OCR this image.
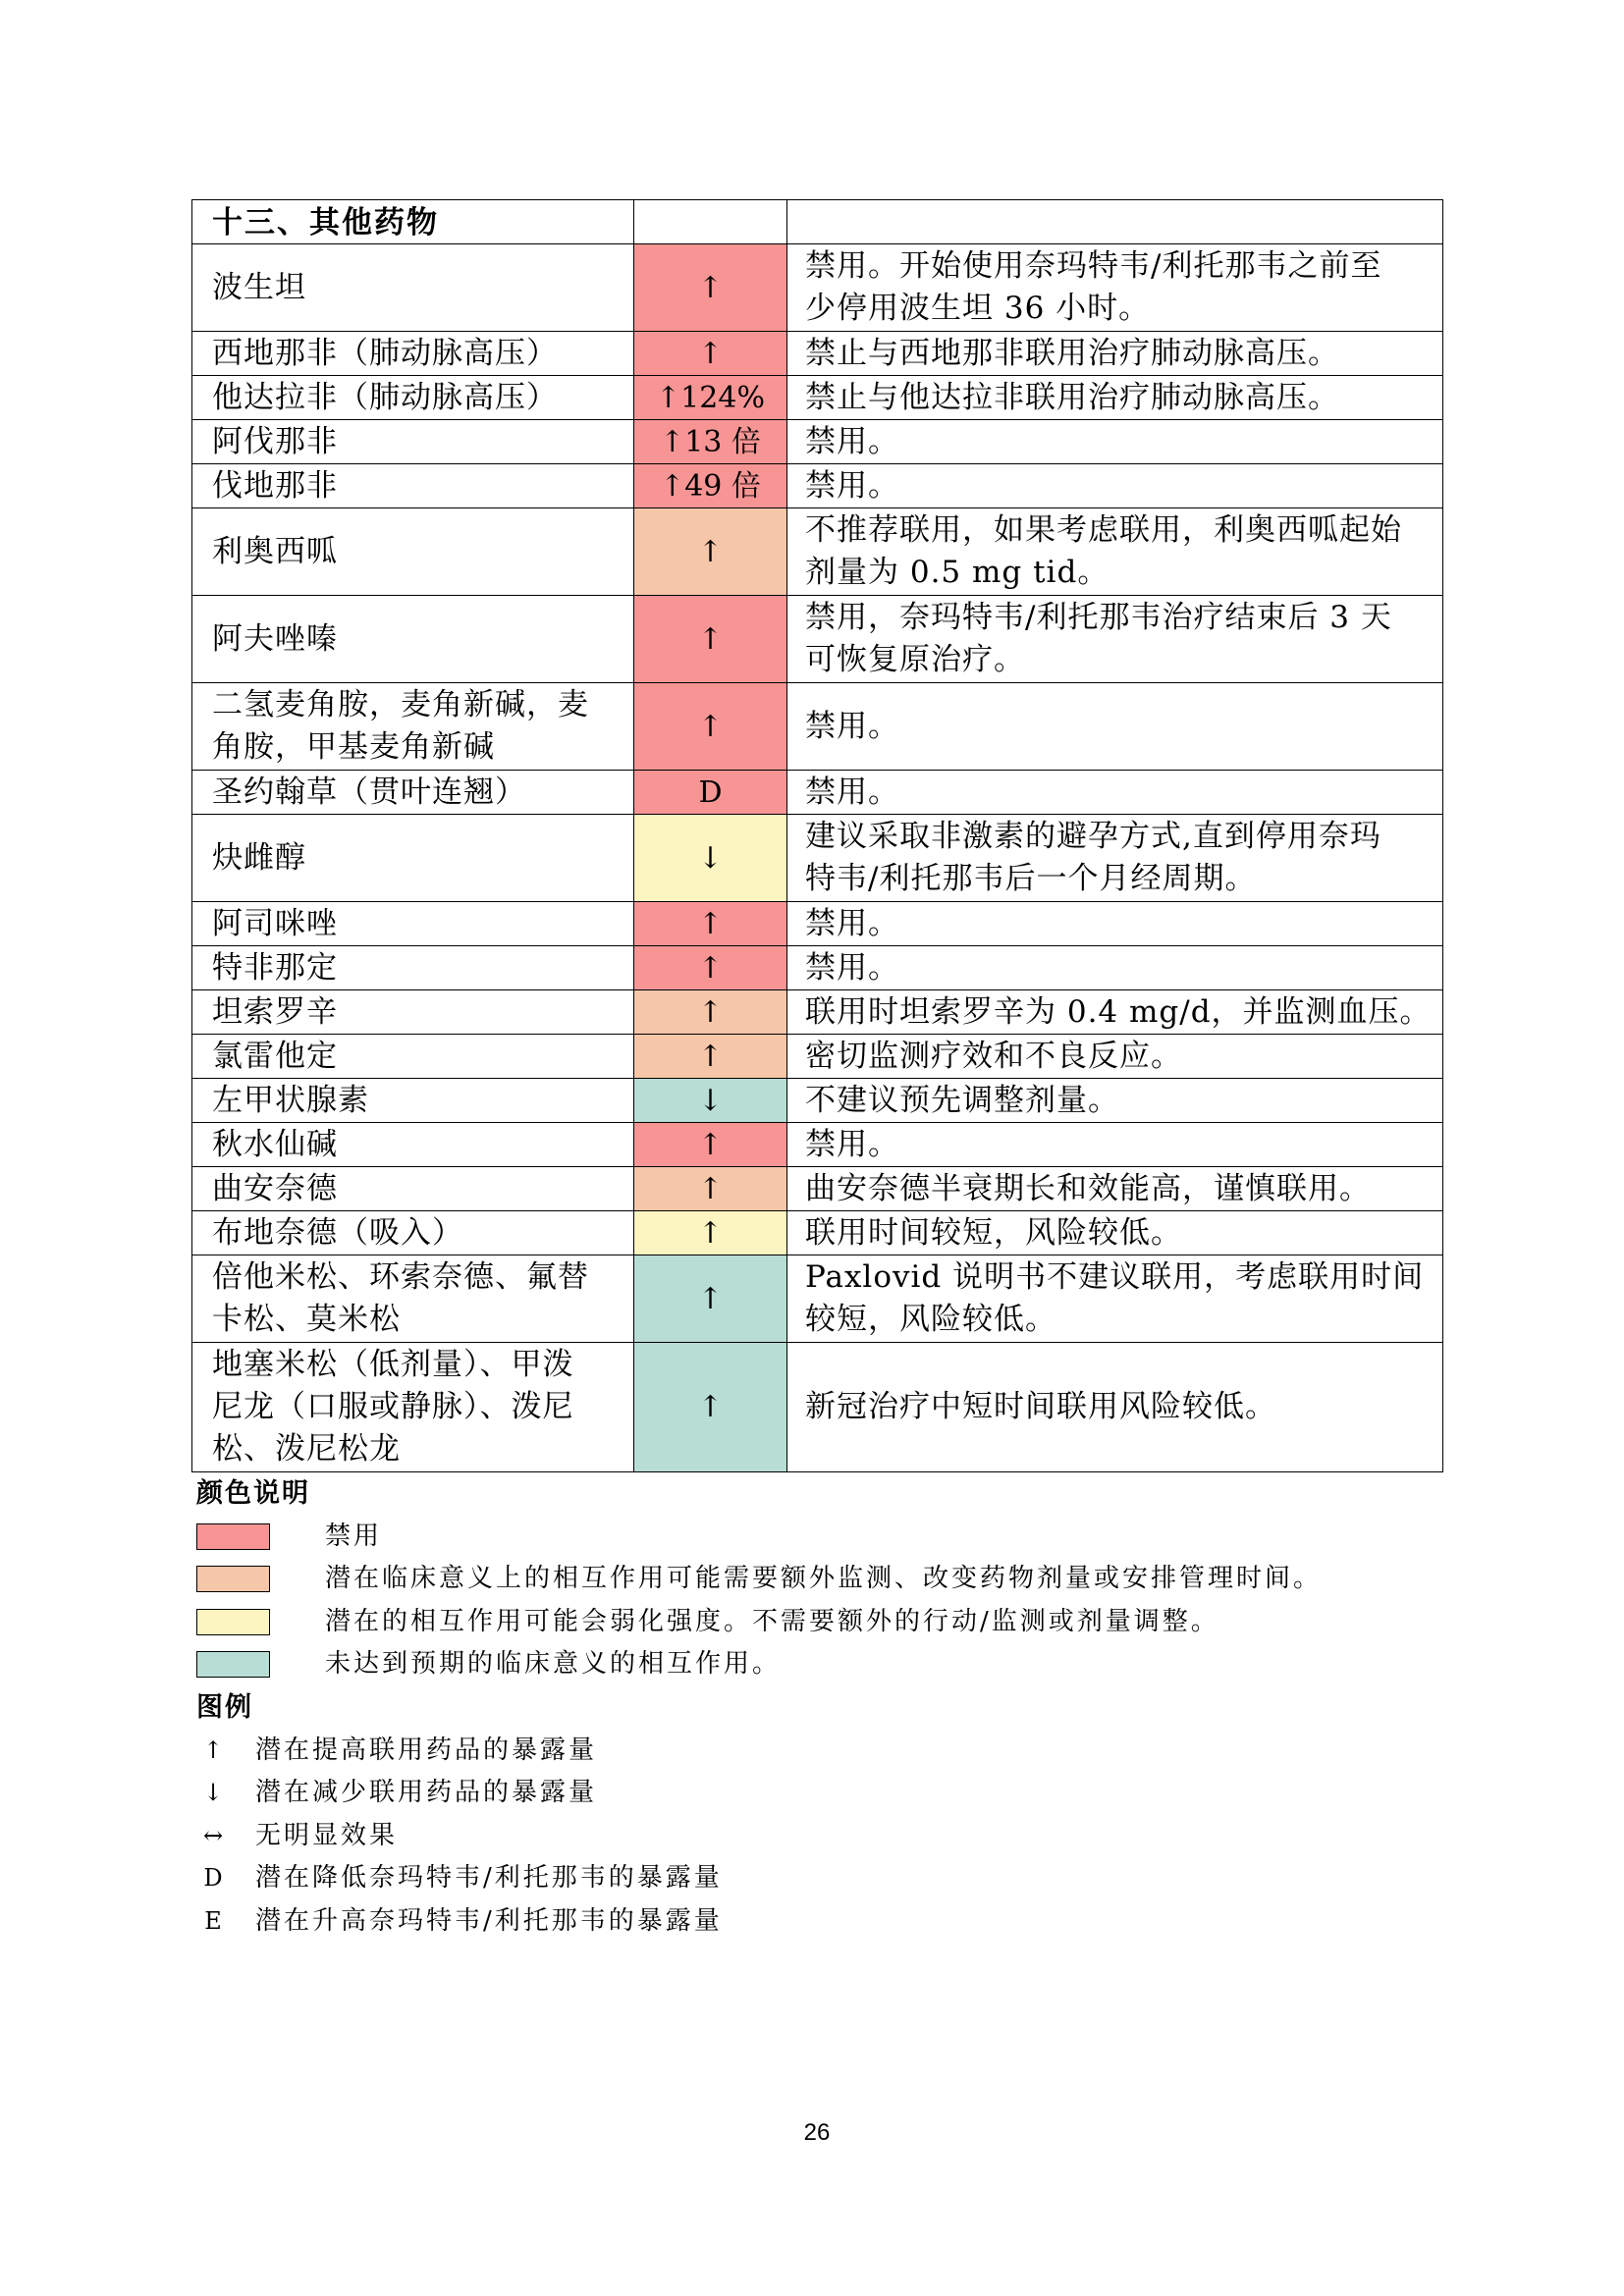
十三、其他药物		
波生坦	↑	禁用。开始使用奈玛特韦/利托那韦之前至
少停用波生坦 36 小时。
西地那非（肺动脉高压）	↑	禁止与西地那非联用治疗肺动脉高压。
他达拉非（肺动脉高压）	↑124%	禁止与他达拉非联用治疗肺动脉高压。
阿伐那非	↑13 倍	禁用。
伐地那非	↑49 倍	禁用。
利奥西呱	↑	不推荐联用，如果考虑联用，利奥西呱起始
剂量为 0.5 mg tid。
阿夫唑嗪	↑	禁用，奈玛特韦/利托那韦治疗结束后 3 天
可恢复原治疗。
二氢麦角胺，麦角新碱，麦
角胺，甲基麦角新碱	↑	禁用。
圣约翰草（贯叶连翘）	D	禁用。
炔雌醇	↓	建议采取非激素的避孕方式,直到停用奈玛
特韦/利托那韦后一个月经周期。
阿司咪唑	↑	禁用。
特非那定	↑	禁用。
坦索罗辛	↑	联用时坦索罗辛为 0.4 mg/d，并监测血压。
氯雷他定	↑	密切监测疗效和不良反应。
左甲状腺素	↓	不建议预先调整剂量。
秋水仙碱	↑	禁用。
曲安奈德	↑	曲安奈德半衰期长和效能高，谨慎联用。
布地奈德（吸入）	↑	联用时间较短，风险较低。
倍他米松、环索奈德、氟替
卡松、莫米松	↑	Paxlovid 说明书不建议联用，考虑联用时间
较短，风险较低。
地塞米松（低剂量）、甲泼
尼龙（口服或静脉）、泼尼
松、泼尼松龙	↑	新冠治疗中短时间联用风险较低。
颜色说明
禁用
潜在临床意义上的相互作用可能需要额外监测、改变药物剂量或安排管理时间。
潜在的相互作用可能会弱化强度。不需要额外的行动/监测或剂量调整。
未达到预期的临床意义的相互作用。
图例
↑ 潜在提高联用药品的暴露量
↓ 潜在减少联用药品的暴露量
↔ 无明显效果
D 潜在降低奈玛特韦/利托那韦的暴露量
E 潜在升高奈玛特韦/利托那韦的暴露量
26
